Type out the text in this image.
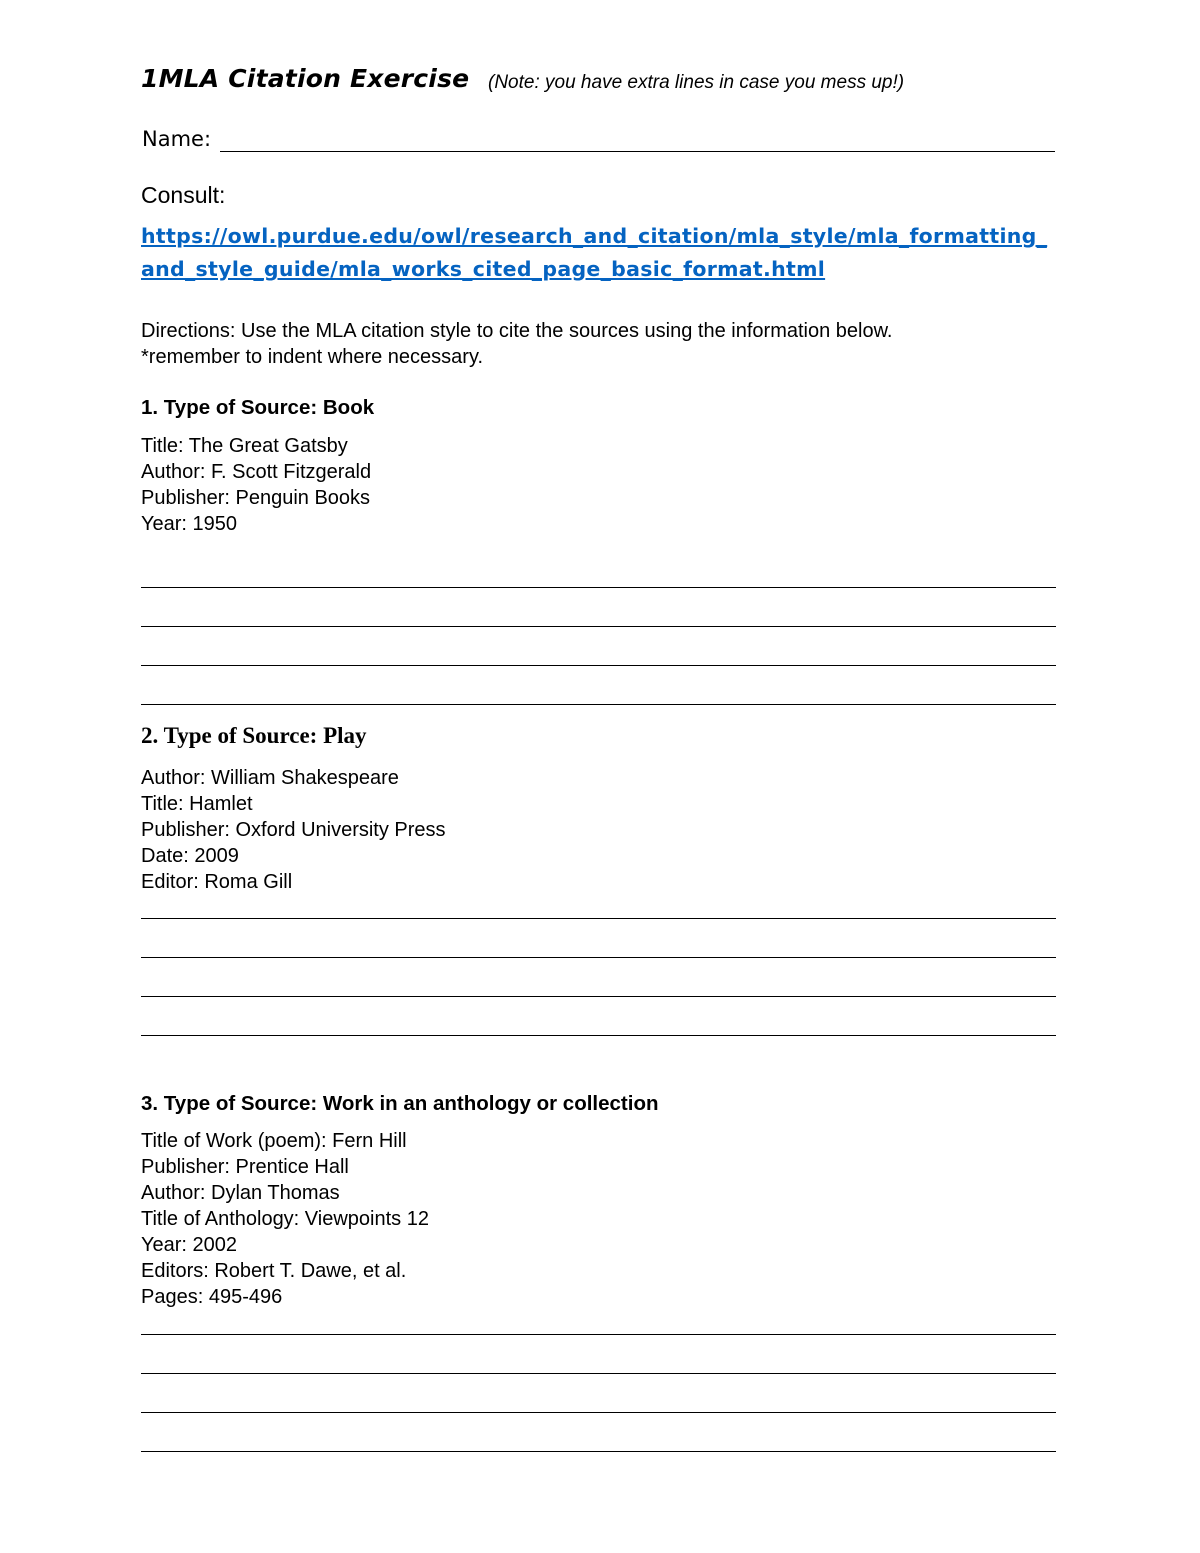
1MLA Citation Exercise (Note: you have extra lines in case you mess up!)
Name:
Consult:
https://owl.purdue.edu/owl/research_and_citation/mla_style/mla_formatting_and_style_guide/mla_works_cited_page_basic_format.html
Directions: Use the MLA citation style to cite the sources using the information below.
*remember to indent where necessary.
1. Type of Source: Book
Title: The Great Gatsby
Author: F. Scott Fitzgerald
Publisher: Penguin Books
Year: 1950
2. Type of Source: Play
Author: William Shakespeare
Title: Hamlet
Publisher: Oxford University Press
Date: 2009
Editor: Roma Gill
3. Type of Source: Work in an anthology or collection
Title of Work (poem): Fern Hill
Publisher: Prentice Hall
Author: Dylan Thomas
Title of Anthology: Viewpoints 12
Year: 2002
Editors: Robert T. Dawe, et al.
Pages: 495-496
